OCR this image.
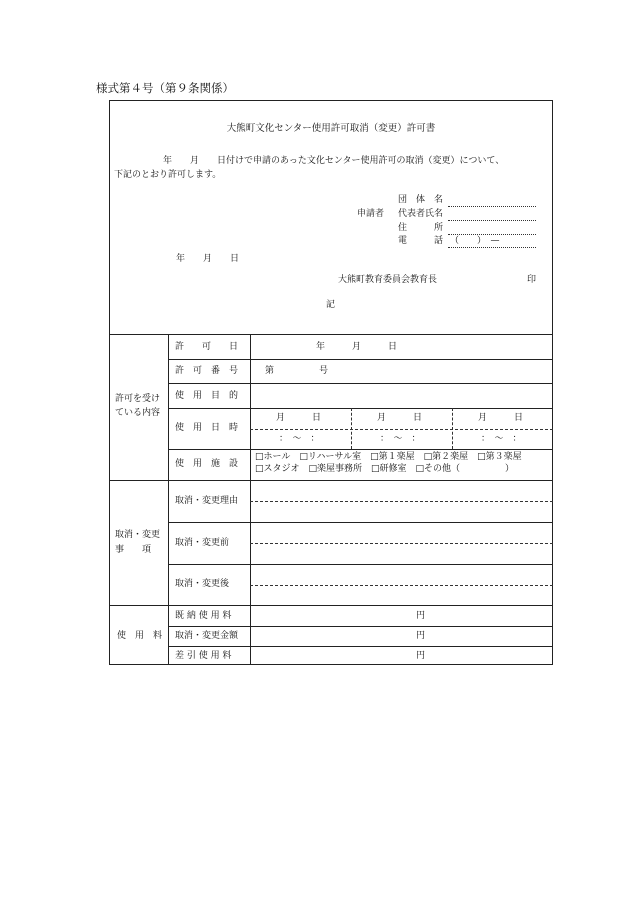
様式第４号（第９条関係）
大熊町文化センター使用許可取消（変更）許可書
年　　月　　日付けで申請のあった文化センター使用許可の取消（変更）について、
下記のとおり許可します。
申請者
団　体　名
代表者氏名
住　　　所
電　　　話 （　　）　—
年　　月　　日
大熊町教育委員会教育長	印
記
許可を受け
ている内容
許　　可　　日	年　　　月　　　日
許　可　番　号	第　　　　　号
使　用　目　的
使　用　日　時
月　　　日	月　　　日	月　　　日
：　〜　：	：　〜　：	：　〜　：
使　用　施　設
□ホール　□リハーサル室　□第１楽屋　□第２楽屋　□第３楽屋
□スタジオ　□楽屋事務所　□研修室　□その他（　　　　　）
取消・変更
事　　項
取消・変更理由
取消・変更前
取消・変更後
使　用　料
既 納 使 用 料	円
取消・変更金額	円
差 引 使 用 料	円
